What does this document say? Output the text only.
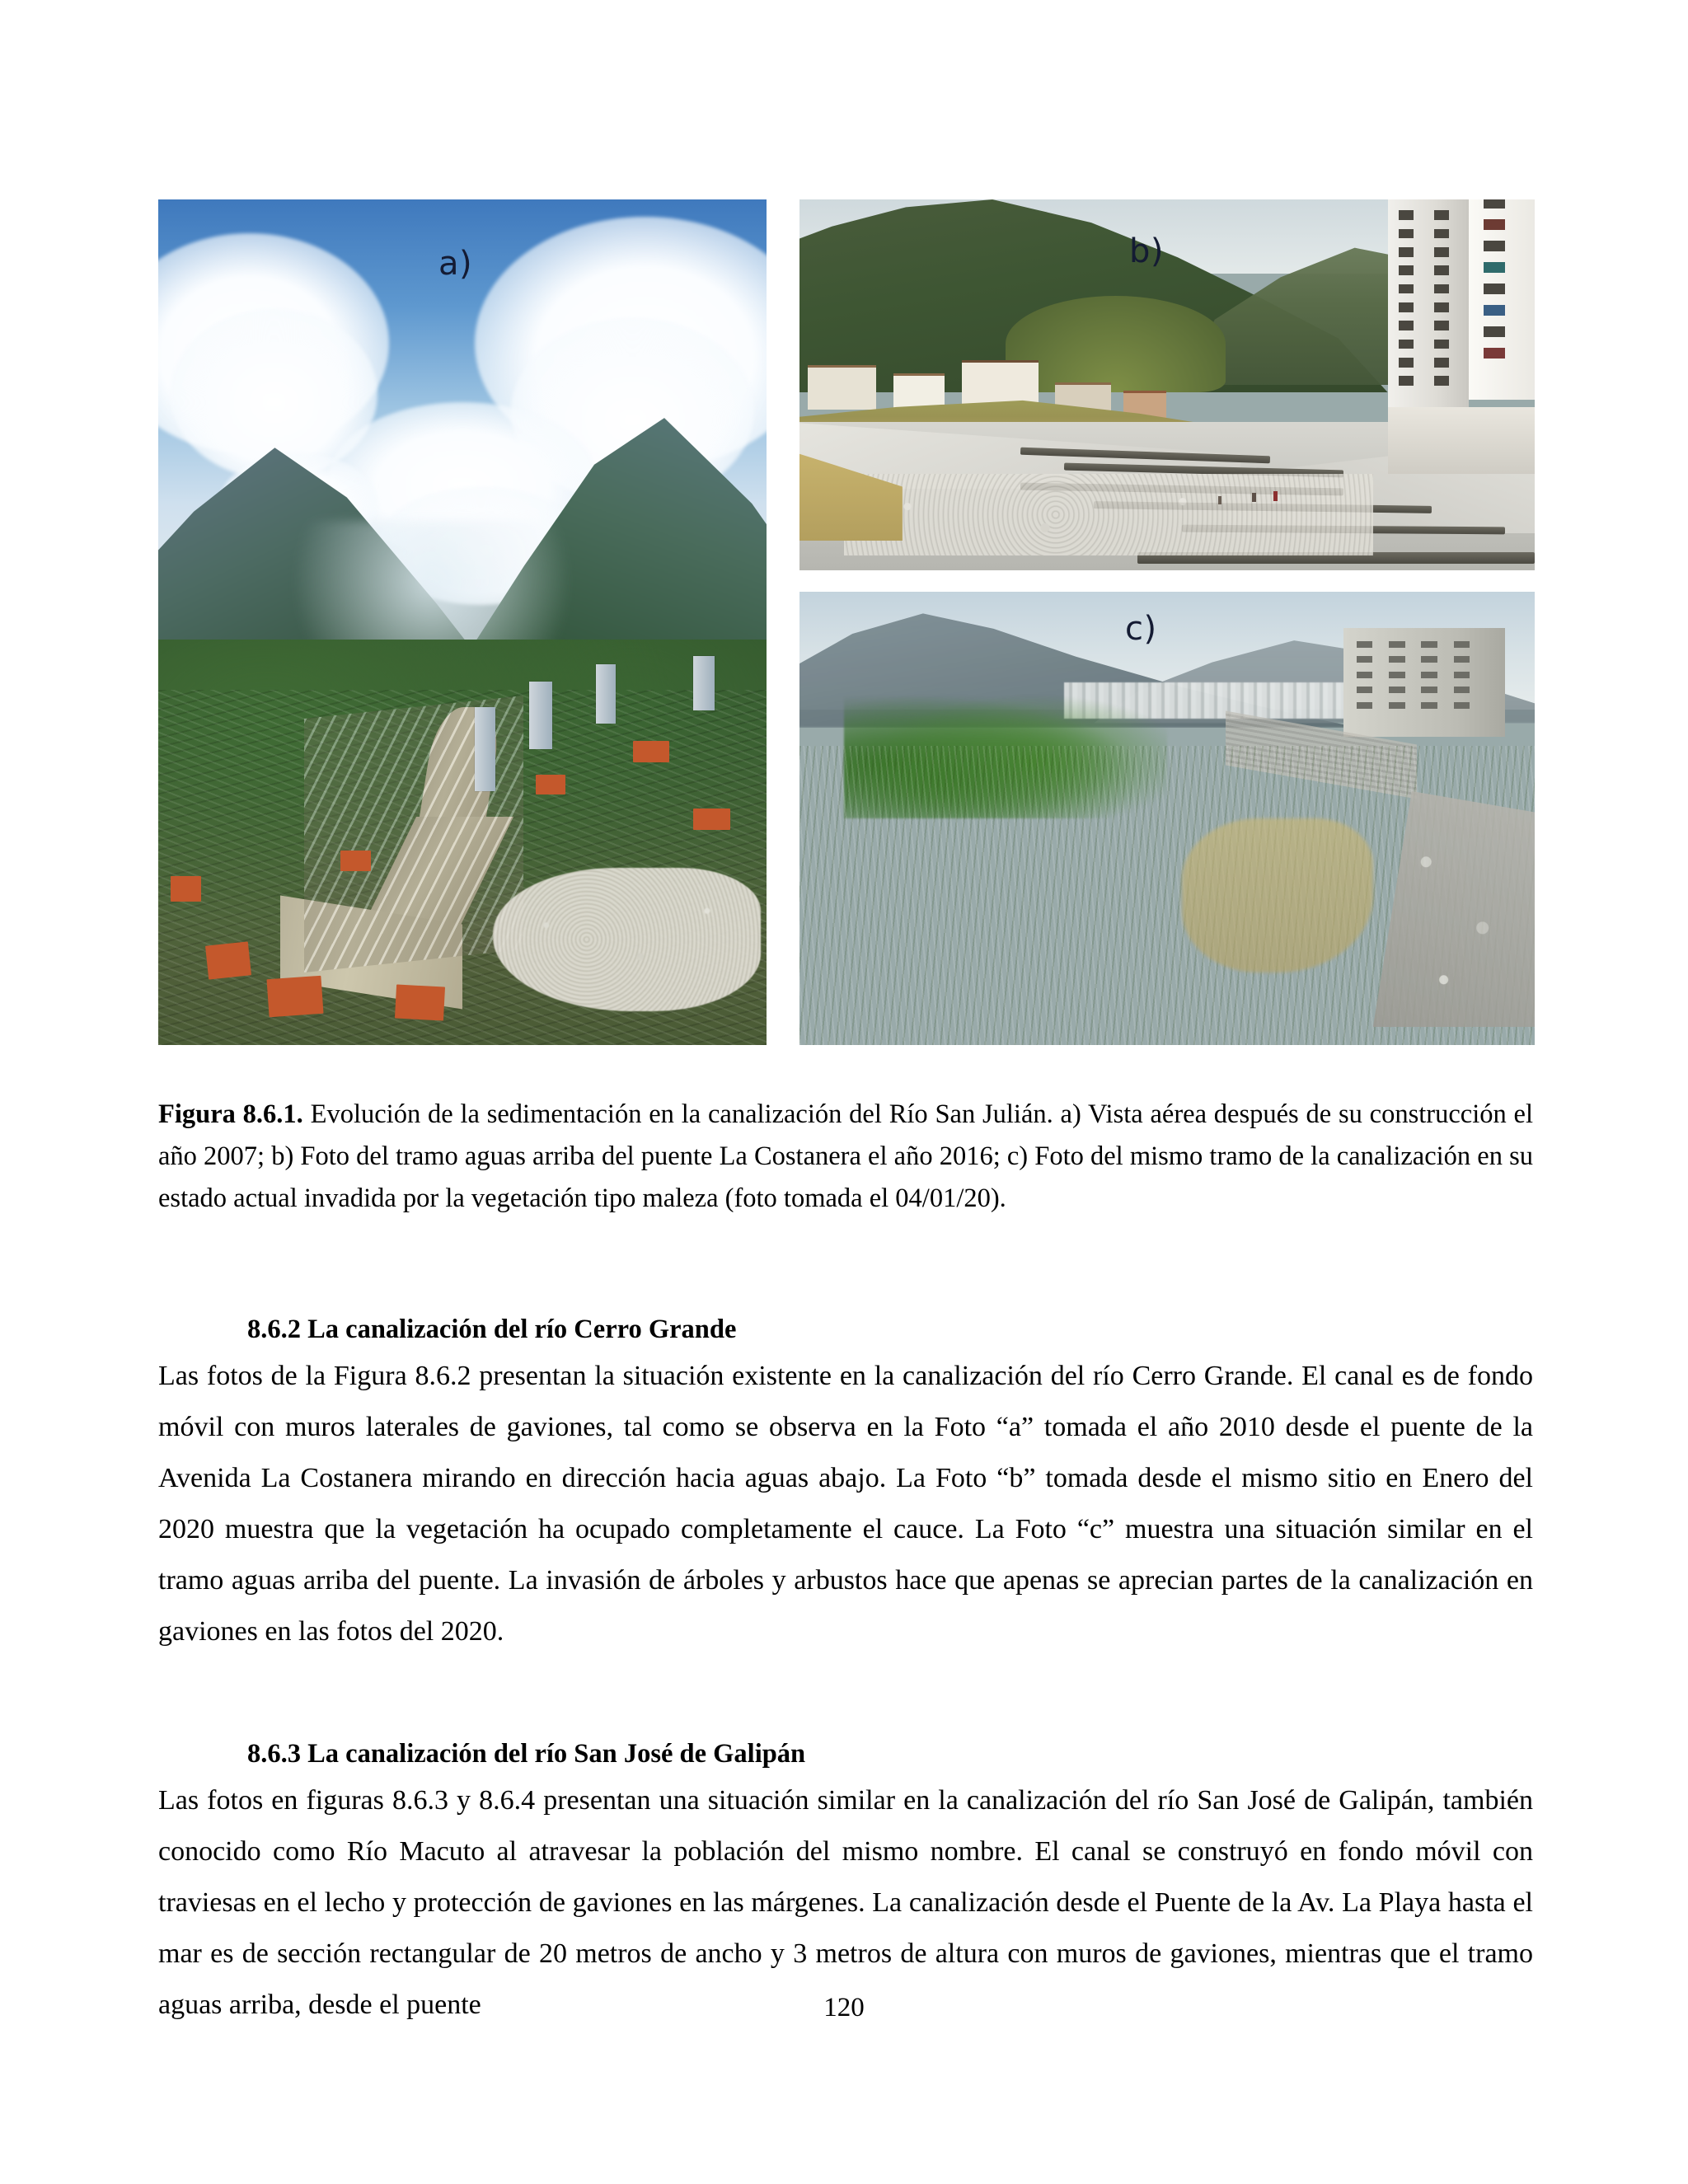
a)	b)
c)
Figura 8.6.1. Evolución de la sedimentación en la canalización del Río San Julián. a) Vista aérea después de su construcción el año 2007; b) Foto del tramo aguas arriba del puente La Costanera el año 2016; c) Foto del mismo tramo de la canalización en su estado actual invadida por la vegetación tipo maleza (foto tomada el 04/01/20).

8.6.2 La canalización del río Cerro Grande

Las fotos de la Figura 8.6.2 presentan la situación existente en la canalización del río Cerro Grande. El canal es de fondo móvil con muros laterales de gaviones, tal como se observa en la Foto “a” tomada el año 2010 desde el puente de la Avenida La Costanera mirando en dirección hacia aguas abajo. La Foto “b” tomada desde el mismo sitio en Enero del 2020 muestra que la vegetación ha ocupado completamente el cauce. La Foto “c” muestra una situación similar en el tramo aguas arriba del puente. La invasión de árboles y arbustos hace que apenas se aprecian partes de la canalización en gaviones en las fotos del 2020.

8.6.3 La canalización del río San José de Galipán

Las fotos en figuras 8.6.3 y 8.6.4 presentan una situación similar en la canalización del río San José de Galipán, también conocido como Río Macuto al atravesar la población del mismo nombre. El canal se construyó en fondo móvil con traviesas en el lecho y protección de gaviones en las márgenes. La canalización desde el Puente de la Av. La Playa hasta el mar es de sección rectangular de 20 metros de ancho y 3 metros de altura con muros de gaviones, mientras que el tramo aguas arriba, desde el puente	120
